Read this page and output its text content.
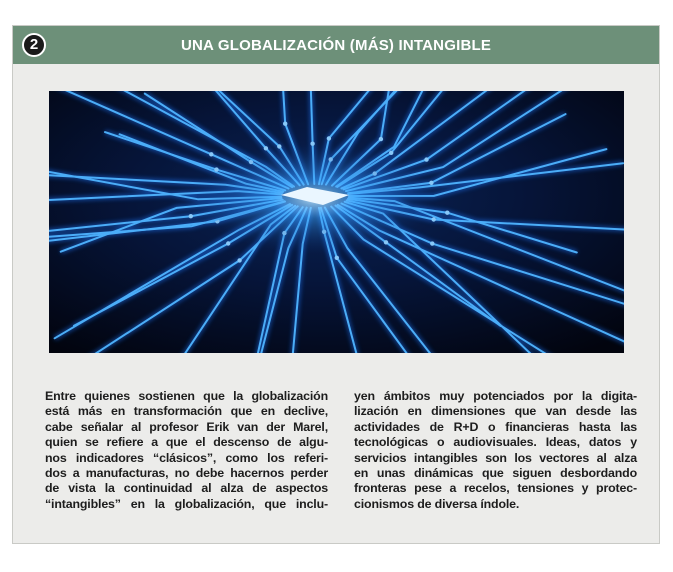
2	UNA GLOBALIZACIÓN (MÁS) INTANGIBLE
Entre quienes sostienen que la globalización
está más en transformación que en declive,
cabe señalar al profesor Erik van der Marel,
quien se refiere a que el descenso de algu-
nos indicadores “clásicos”, como los referi-
dos a manufacturas, no debe hacernos perder
de vista la continuidad al alza de aspectos
“intangibles” en la globalización, que inclu-
yen ámbitos muy potenciados por la digita-
lización en dimensiones que van desde las
actividades de R+D o financieras hasta las
tecnológicas o audiovisuales. Ideas, datos y
servicios intangibles son los vectores al alza
en unas dinámicas que siguen desbordando
fronteras pese a recelos, tensiones y protec-
cionismos de diversa índole.
